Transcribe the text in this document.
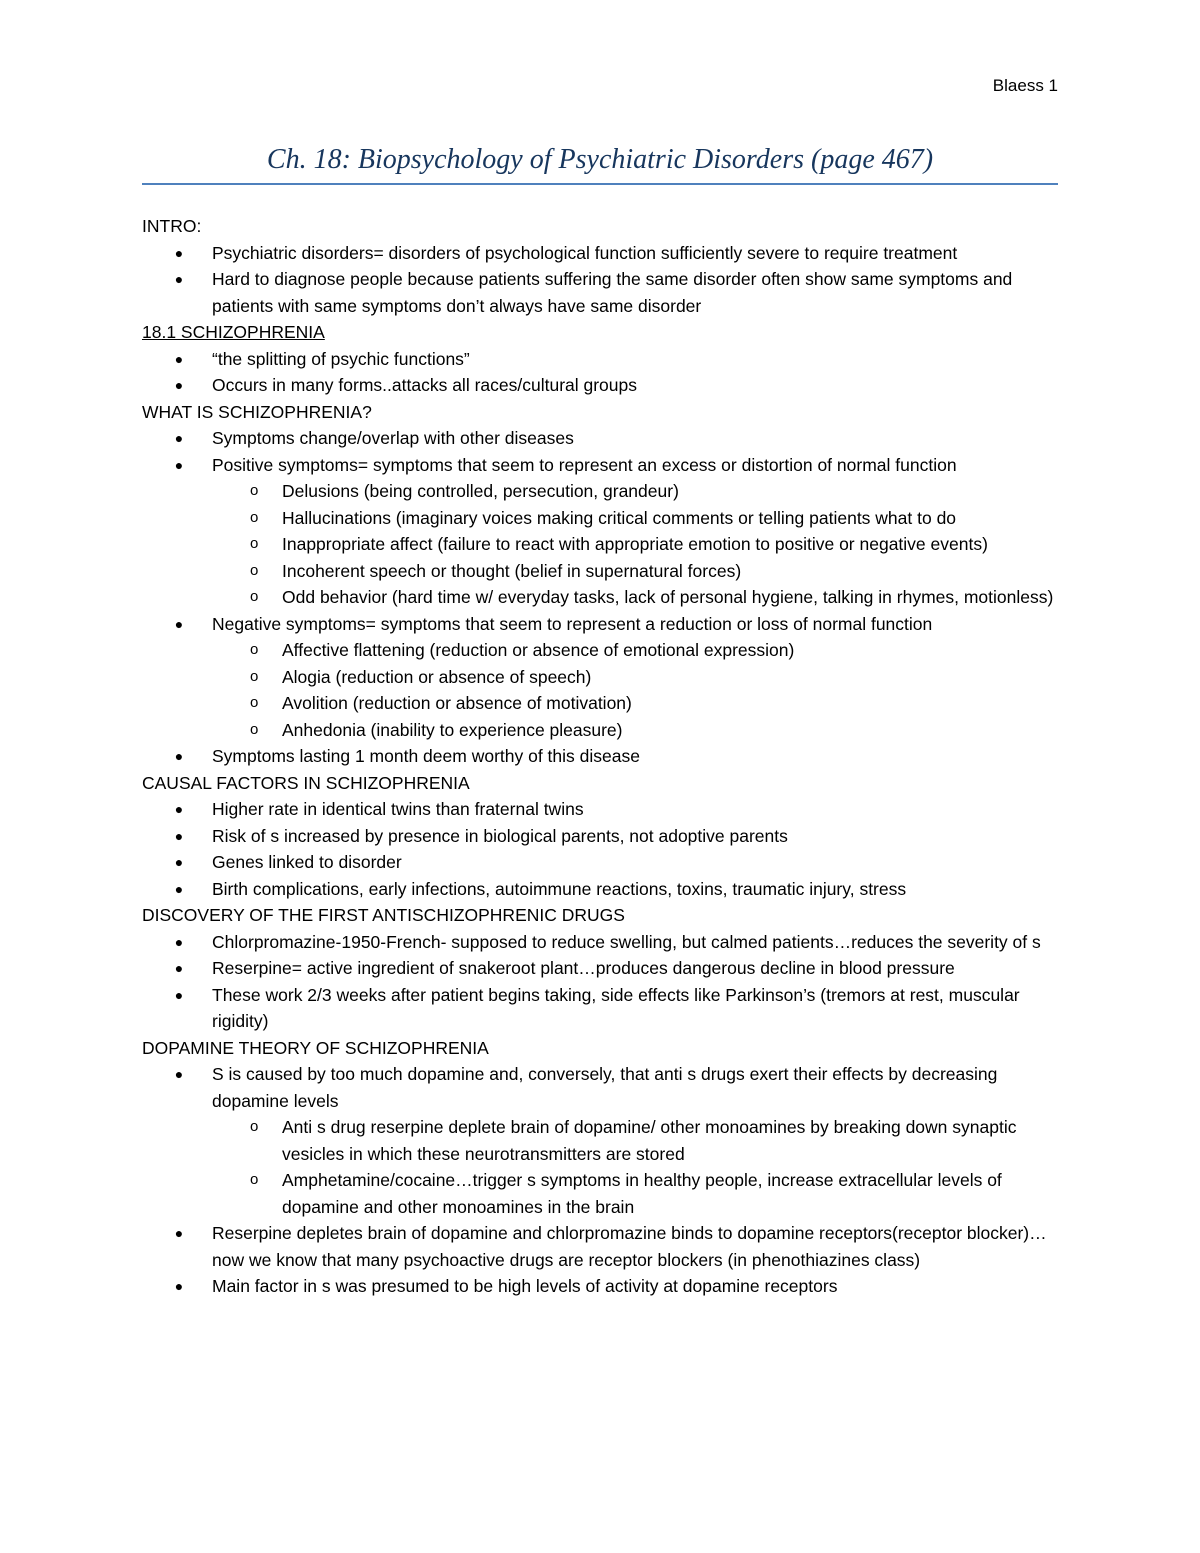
Blaess 1
Ch. 18: Biopsychology of Psychiatric Disorders (page 467)
INTRO:
● Psychiatric disorders= disorders of psychological function sufficiently severe to require treatment
● Hard to diagnose people because patients suffering the same disorder often show same symptoms and patients with same symptoms don’t always have same disorder
18.1 SCHIZOPHRENIA
● “the splitting of psychic functions”
● Occurs in many forms..attacks all races/cultural groups
WHAT IS SCHIZOPHRENIA?
● Symptoms change/overlap with other diseases
● Positive symptoms= symptoms that seem to represent an excess or distortion of normal function
o Delusions (being controlled, persecution, grandeur)
o Hallucinations (imaginary voices making critical comments or telling patients what to do
o Inappropriate affect (failure to react with appropriate emotion to positive or negative events)
o Incoherent speech or thought (belief in supernatural forces)
o Odd behavior (hard time w/ everyday tasks, lack of personal hygiene, talking in rhymes, motionless)
● Negative symptoms= symptoms that seem to represent a reduction or loss of normal function
o Affective flattening (reduction or absence of emotional expression)
o Alogia (reduction or absence of speech)
o Avolition (reduction or absence of motivation)
o Anhedonia (inability to experience pleasure)
● Symptoms lasting 1 month deem worthy of this disease
CAUSAL FACTORS IN SCHIZOPHRENIA
● Higher rate in identical twins than fraternal twins
● Risk of s increased by presence in biological parents, not adoptive parents
● Genes linked to disorder
● Birth complications, early infections, autoimmune reactions, toxins, traumatic injury, stress
DISCOVERY OF THE FIRST ANTISCHIZOPHRENIC DRUGS
● Chlorpromazine-1950-French- supposed to reduce swelling, but calmed patients…reduces the severity of s
● Reserpine= active ingredient of snakeroot plant…produces dangerous decline in blood pressure
● These work 2/3 weeks after patient begins taking, side effects like Parkinson’s (tremors at rest, muscular rigidity)
DOPAMINE THEORY OF SCHIZOPHRENIA
● S is caused by too much dopamine and, conversely, that anti s drugs exert their effects by decreasing dopamine levels
o Anti s drug reserpine deplete brain of dopamine/ other monoamines by breaking down synaptic vesicles in which these neurotransmitters are stored
o Amphetamine/cocaine…trigger s symptoms in healthy people, increase extracellular levels of dopamine and other monoamines in the brain
● Reserpine depletes brain of dopamine and chlorpromazine binds to dopamine receptors(receptor blocker)…now we know that many psychoactive drugs are receptor blockers (in phenothiazines class)
● Main factor in s was presumed to be high levels of activity at dopamine receptors
